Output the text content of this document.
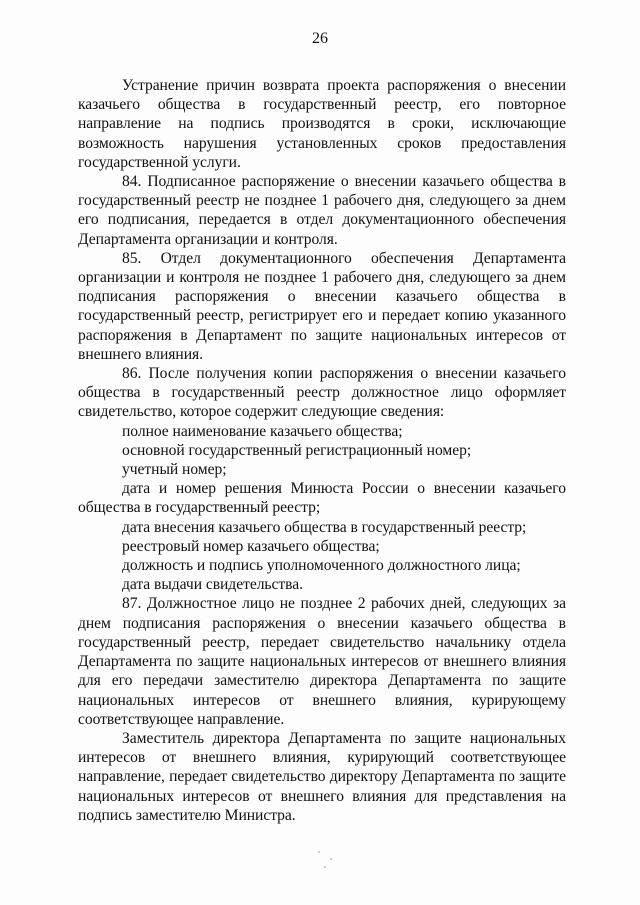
26

Устранение причин возврата проекта распоряжения о внесении казачьего общества в государственный реестр, его повторное направление на подпись производятся в сроки, исключающие возможность нарушения установленных сроков предоставления государственной услуги.

84. Подписанное распоряжение о внесении казачьего общества в государственный реестр не позднее 1 рабочего дня, следующего за днем его подписания, передается в отдел документационного обеспечения Департамента организации и контроля.

85. Отдел документационного обеспечения Департамента организации и контроля не позднее 1 рабочего дня, следующего за днем подписания распоряжения о внесении казачьего общества в государственный реестр, регистрирует его и передает копию указанного распоряжения в Департамент по защите национальных интересов от внешнего влияния.

86. После получения копии распоряжения о внесении казачьего общества в государственный реестр должностное лицо оформляет свидетельство, которое содержит следующие сведения:

полное наименование казачьего общества;

основной государственный регистрационный номер;

учетный номер;

дата и номер решения Минюста России о внесении казачьего общества в государственный реестр;

дата внесения казачьего общества в государственный реестр;

реестровый номер казачьего общества;

должность и подпись уполномоченного должностного лица;

дата выдачи свидетельства.

87. Должностное лицо не позднее 2 рабочих дней, следующих за днем подписания распоряжения о внесении казачьего общества в государственный реестр, передает свидетельство начальнику отдела Департамента по защите национальных интересов от внешнего влияния для его передачи заместителю директора Департамента по защите национальных интересов от внешнего влияния, курирующему соответствующее направление.

Заместитель директора Департамента по защите национальных интересов от внешнего влияния, курирующий соответствующее направление, передает свидетельство директору Департамента по защите национальных интересов от внешнего влияния для представления на подпись заместителю Министра.
